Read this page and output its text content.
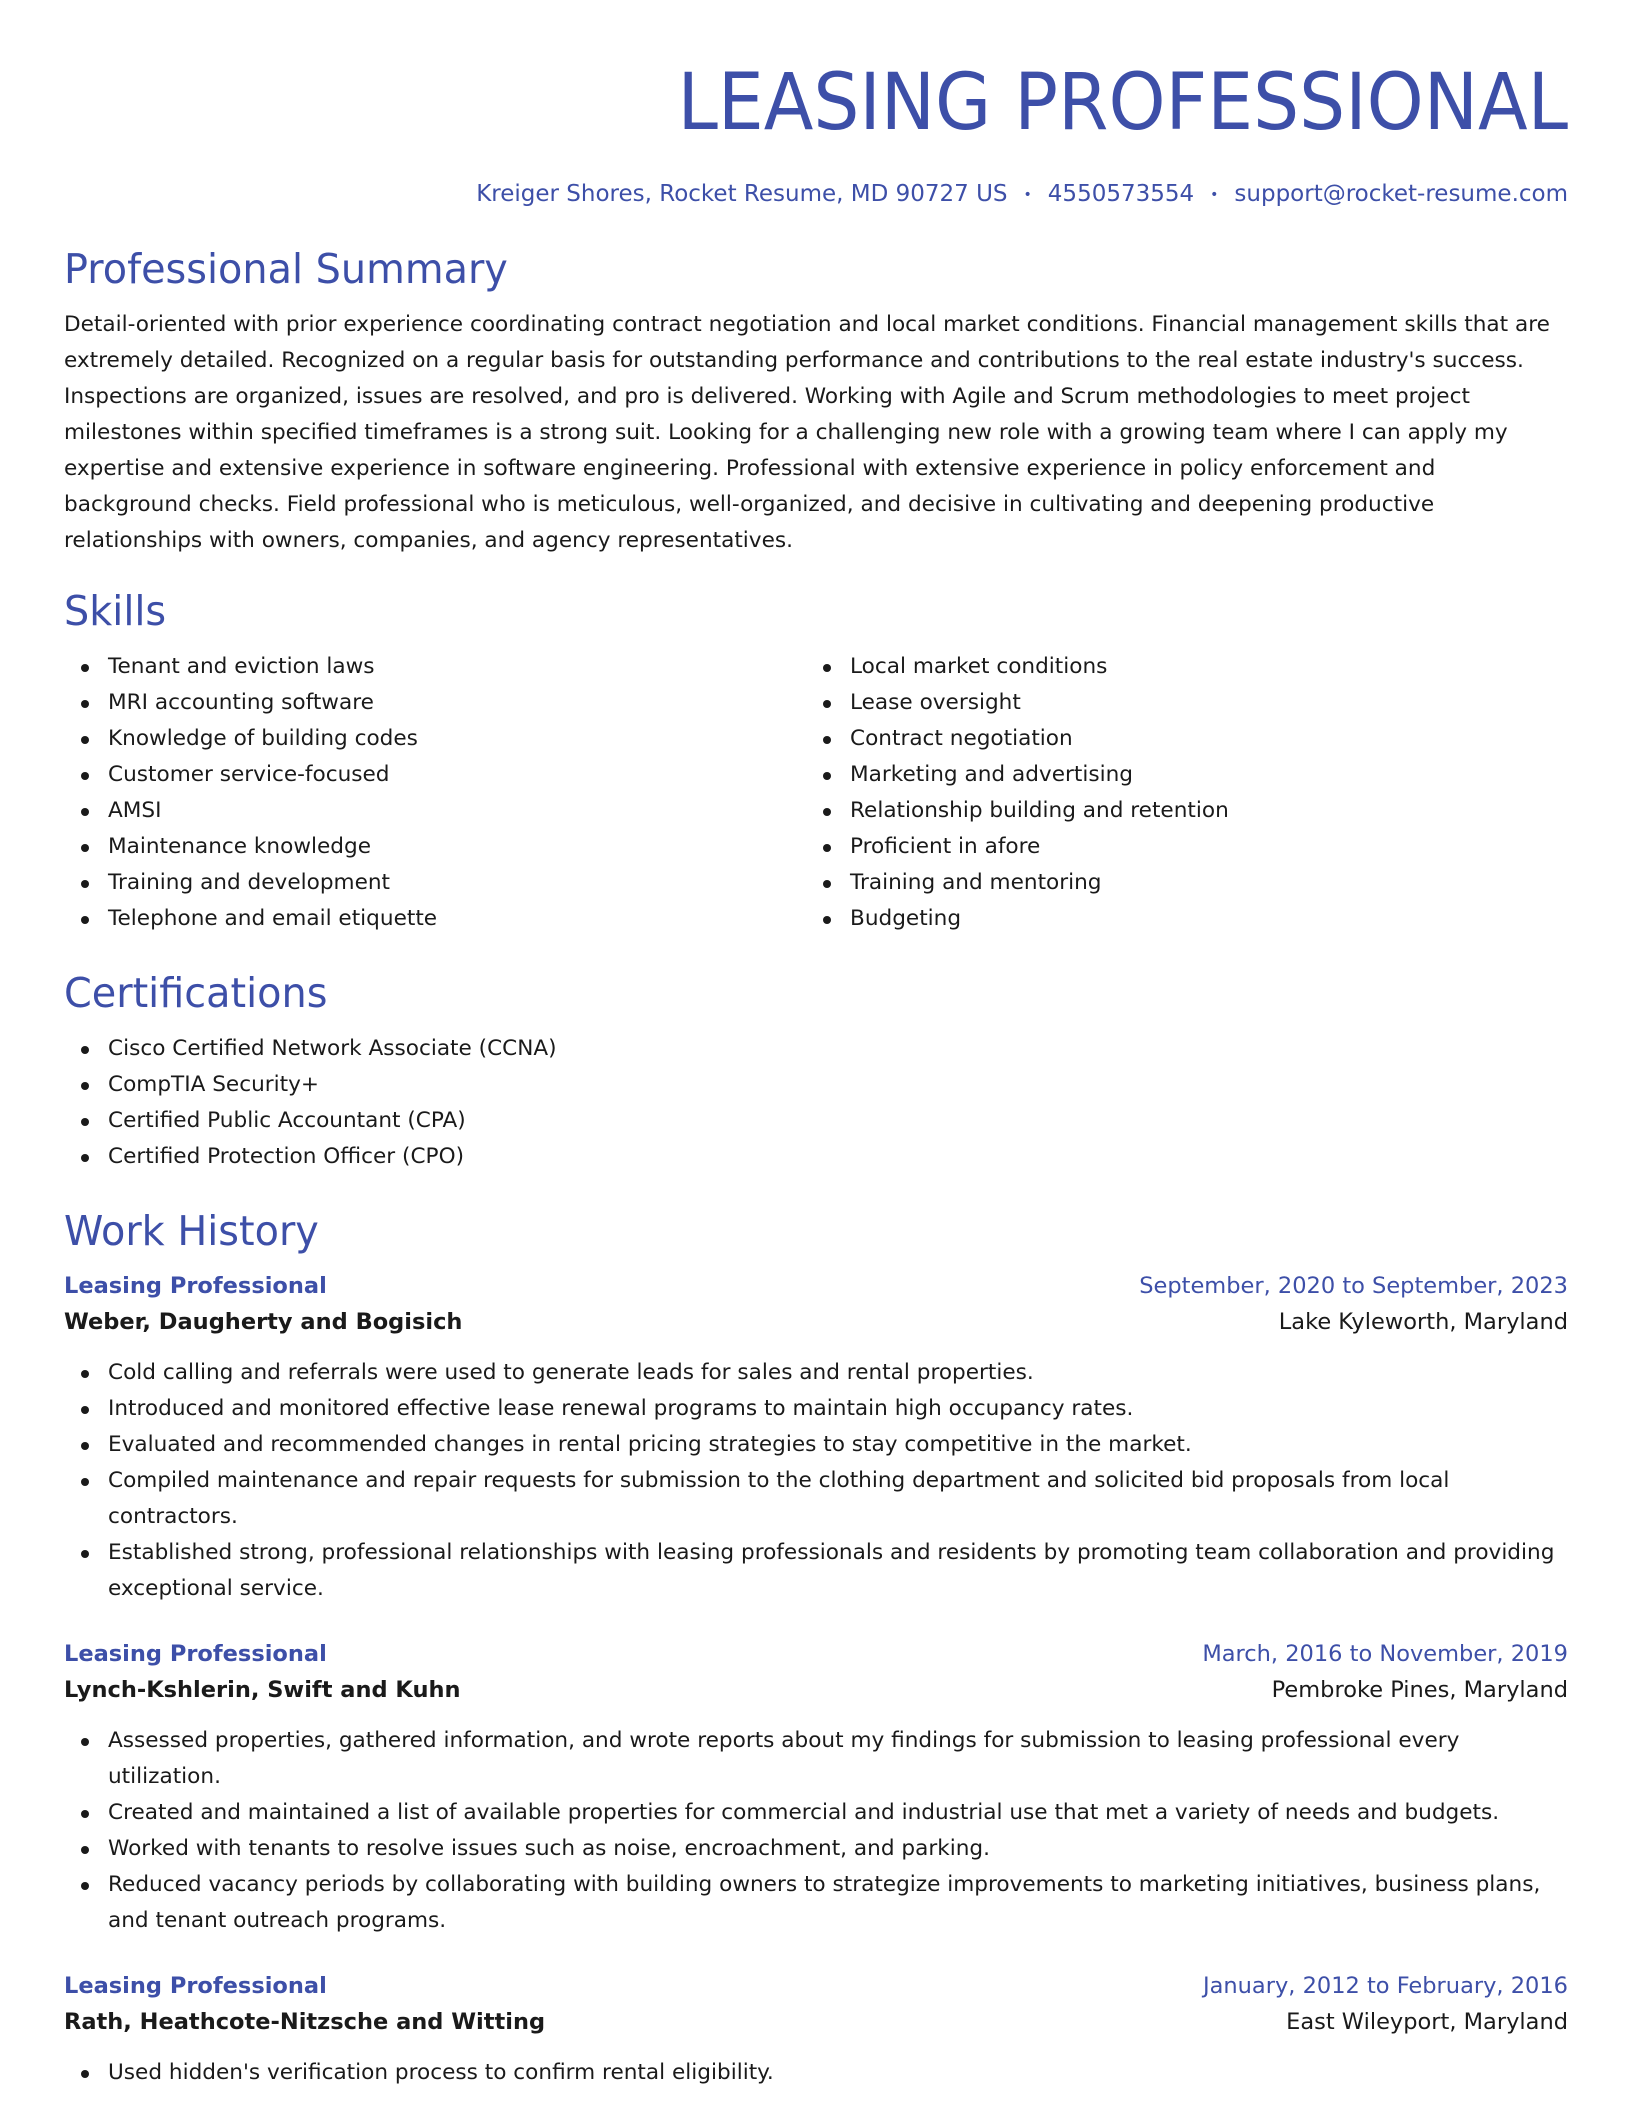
LEASING PROFESSIONAL
Kreiger Shores, Rocket Resume, MD 90727 US • 4550573554 • support@rocket-resume.com
Professional Summary
Detail-oriented with prior experience coordinating contract negotiation and local market conditions. Financial management skills that are extremely detailed. Recognized on a regular basis for outstanding performance and contributions to the real estate industry's success. Inspections are organized, issues are resolved, and pro is delivered. Working with Agile and Scrum methodologies to meet project milestones within specified timeframes is a strong suit. Looking for a challenging new role with a growing team where I can apply my expertise and extensive experience in software engineering. Professional with extensive experience in policy enforcement and background checks. Field professional who is meticulous, well-organized, and decisive in cultivating and deepening productive relationships with owners, companies, and agency representatives.
Skills
Tenant and eviction laws
MRI accounting software
Knowledge of building codes
Customer service-focused
AMSI
Maintenance knowledge
Training and development
Telephone and email etiquette
Local market conditions
Lease oversight
Contract negotiation
Marketing and advertising
Relationship building and retention
Proficient in afore
Training and mentoring
Budgeting
Certifications
Cisco Certified Network Associate (CCNA)
CompTIA Security+
Certified Public Accountant (CPA)
Certified Protection Officer (CPO)
Work History
Leasing Professional	September, 2020 to September, 2023
Weber, Daugherty and Bogisich	Lake Kyleworth, Maryland
Cold calling and referrals were used to generate leads for sales and rental properties.
Introduced and monitored effective lease renewal programs to maintain high occupancy rates.
Evaluated and recommended changes in rental pricing strategies to stay competitive in the market.
Compiled maintenance and repair requests for submission to the clothing department and solicited bid proposals from local contractors.
Established strong, professional relationships with leasing professionals and residents by promoting team collaboration and providing exceptional service.
Leasing Professional	March, 2016 to November, 2019
Lynch-Kshlerin, Swift and Kuhn	Pembroke Pines, Maryland
Assessed properties, gathered information, and wrote reports about my findings for submission to leasing professional every utilization.
Created and maintained a list of available properties for commercial and industrial use that met a variety of needs and budgets.
Worked with tenants to resolve issues such as noise, encroachment, and parking.
Reduced vacancy periods by collaborating with building owners to strategize improvements to marketing initiatives, business plans, and tenant outreach programs.
Leasing Professional	January, 2012 to February, 2016
Rath, Heathcote-Nitzsche and Witting	East Wileyport, Maryland
Used hidden's verification process to confirm rental eligibility.
